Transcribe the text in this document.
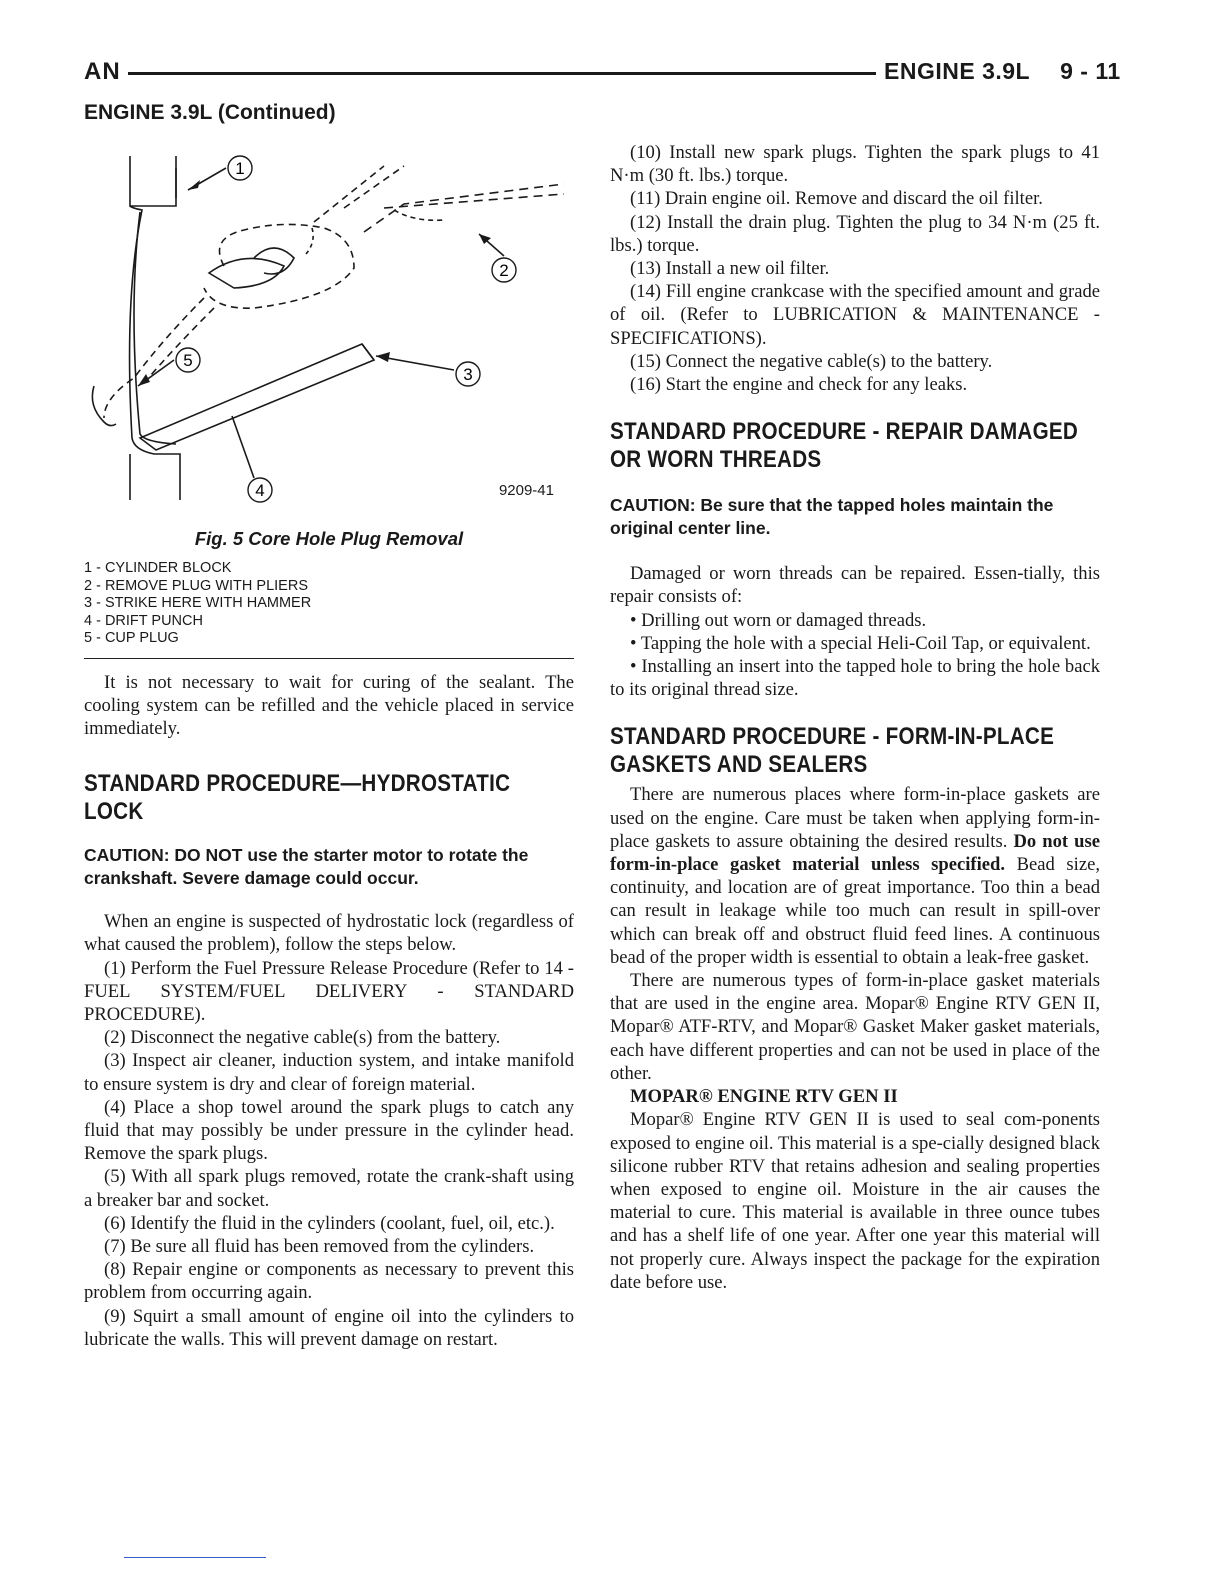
AN	ENGINE 3.9L 9 - 11
ENGINE 3.9L (Continued)
1
2
3
4
5
9209-41
Fig. 5 Core Hole Plug Removal
1 - CYLINDER BLOCK
2 - REMOVE PLUG WITH PLIERS
3 - STRIKE HERE WITH HAMMER
4 - DRIFT PUNCH
5 - CUP PLUG

It is not necessary to wait for curing of the sealant. The cooling system can be refilled and the vehicle placed in service immediately.

STANDARD PROCEDURE—HYDROSTATIC LOCK

CAUTION: DO NOT use the starter motor to rotate the crankshaft. Severe damage could occur.

When an engine is suspected of hydrostatic lock (regardless of what caused the problem), follow the steps below.

(1) Perform the Fuel Pressure Release Procedure (Refer to 14 - FUEL SYSTEM/FUEL DELIVERY - STANDARD PROCEDURE).

(2) Disconnect the negative cable(s) from the battery.

(3) Inspect air cleaner, induction system, and intake manifold to ensure system is dry and clear of foreign material.

(4) Place a shop towel around the spark plugs to catch any fluid that may possibly be under pressure in the cylinder head. Remove the spark plugs.

(5) With all spark plugs removed, rotate the crank-shaft using a breaker bar and socket.

(6) Identify the fluid in the cylinders (coolant, fuel, oil, etc.).

(7) Be sure all fluid has been removed from the cylinders.

(8) Repair engine or components as necessary to prevent this problem from occurring again.

(9) Squirt a small amount of engine oil into the cylinders to lubricate the walls. This will prevent damage on restart.

(10) Install new spark plugs. Tighten the spark plugs to 41 N·m (30 ft. lbs.) torque.

(11) Drain engine oil. Remove and discard the oil filter.

(12) Install the drain plug. Tighten the plug to 34 N·m (25 ft. lbs.) torque.

(13) Install a new oil filter.

(14) Fill engine crankcase with the specified amount and grade of oil. (Refer to LUBRICATION & MAINTENANCE - SPECIFICATIONS).

(15) Connect the negative cable(s) to the battery.

(16) Start the engine and check for any leaks.

STANDARD PROCEDURE - REPAIR DAMAGED OR WORN THREADS

CAUTION: Be sure that the tapped holes maintain the original center line.

Damaged or worn threads can be repaired. Essen-tially, this repair consists of:

• Drilling out worn or damaged threads.

• Tapping the hole with a special Heli-Coil Tap, or equivalent.

• Installing an insert into the tapped hole to bring the hole back to its original thread size.

STANDARD PROCEDURE - FORM-IN-PLACE GASKETS AND SEALERS

There are numerous places where form-in-place gaskets are used on the engine. Care must be taken when applying form-in-place gaskets to assure obtaining the desired results. Do not use form-in-place gasket material unless specified. Bead size, continuity, and location are of great importance. Too thin a bead can result in leakage while too much can result in spill-over which can break off and obstruct fluid feed lines. A continuous bead of the proper width is essential to obtain a leak-free gasket.

There are numerous types of form-in-place gasket materials that are used in the engine area. Mopar® Engine RTV GEN II, Mopar® ATF-RTV, and Mopar® Gasket Maker gasket materials, each have different properties and can not be used in place of the other.

MOPAR® ENGINE RTV GEN II

Mopar® Engine RTV GEN II is used to seal com-ponents exposed to engine oil. This material is a spe-cially designed black silicone rubber RTV that retains adhesion and sealing properties when exposed to engine oil. Moisture in the air causes the material to cure. This material is available in three ounce tubes and has a shelf life of one year. After one year this material will not properly cure. Always inspect the package for the expiration date before use.
